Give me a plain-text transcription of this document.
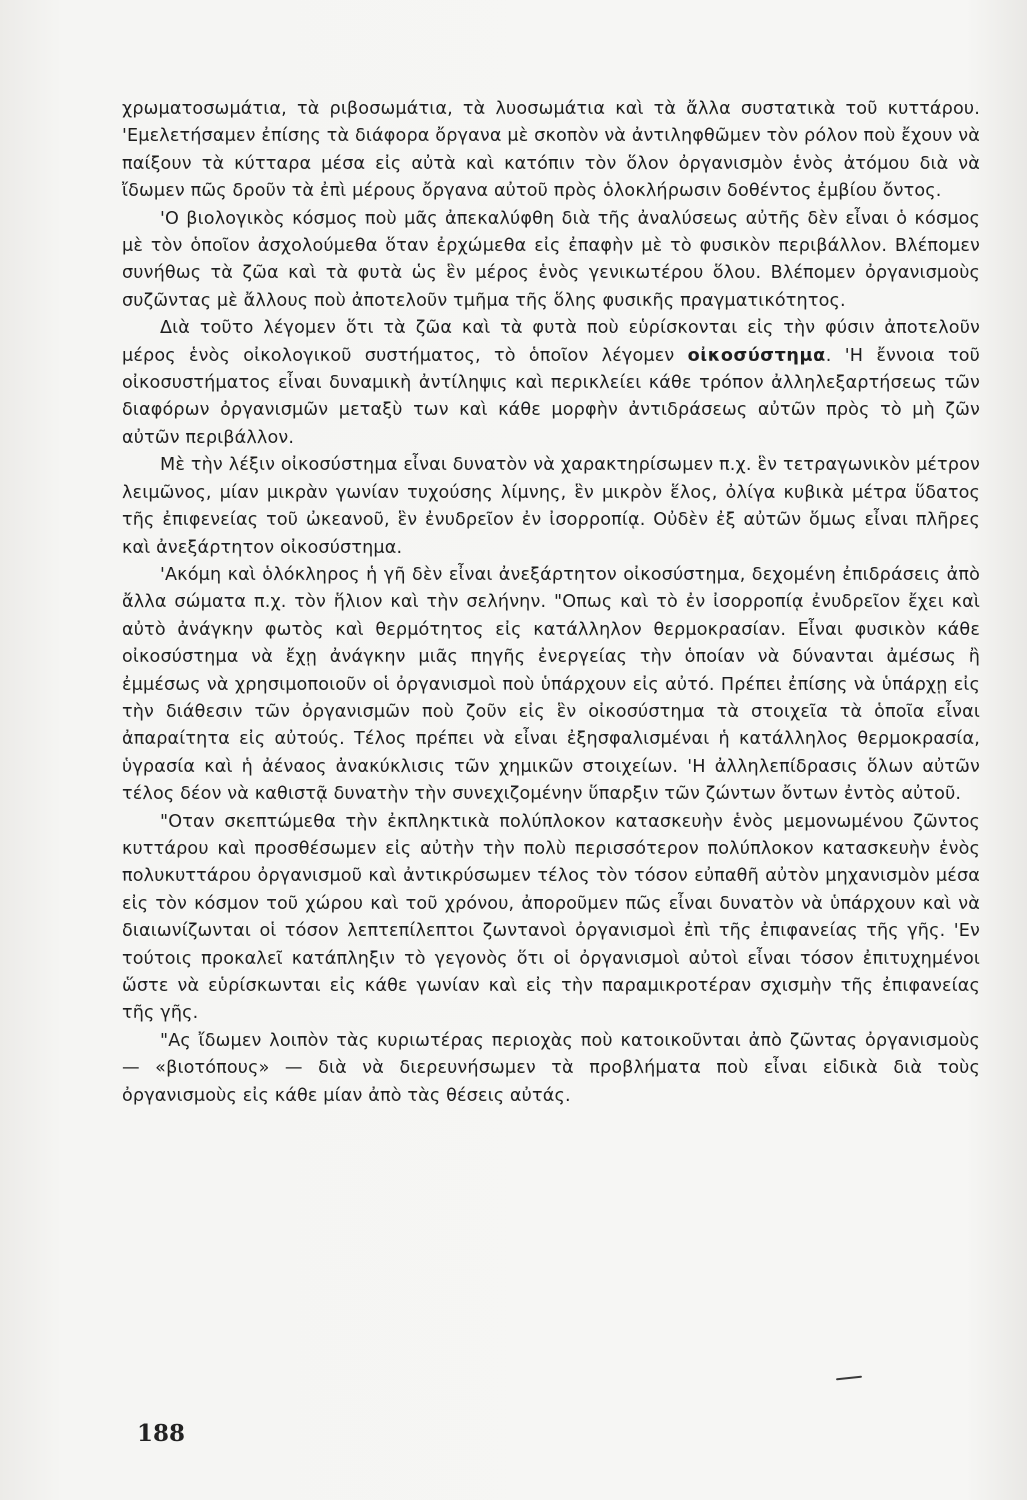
χρωματοσωμάτια, τὰ ριβοσωμάτια, τὰ λυοσωμάτια καὶ τὰ ἄλλα συστατικὰ τοῦ κυττάρου. 'Εμελετήσαμεν ἐπίσης τὰ διάφορα ὄργανα μὲ σκοπὸν νὰ ἀντιληφθῶμεν τὸν ρόλον ποὺ ἔχουν νὰ παίξουν τὰ κύτταρα μέσα εἰς αὐτὰ καὶ κατόπιν τὸν ὅλον ὀργανισμὸν ἑνὸς ἀτόμου διὰ νὰ ἴδωμεν πῶς δροῦν τὰ ἐπὶ μέρους ὄργανα αὐτοῦ πρὸς ὁλοκλήρωσιν δοθέντος ἐμβίου ὄντος.

'Ο βιολογικὸς κόσμος ποὺ μᾶς ἀπεκαλύφθη διὰ τῆς ἀναλύσεως αὐτῆς δὲν εἶναι ὁ κόσμος μὲ τὸν ὁποῖον ἀσχολούμεθα ὅταν ἐρχώμεθα εἰς ἐπαφὴν μὲ τὸ φυσικὸν περιβάλλον. Βλέπομεν συνήθως τὰ ζῶα καὶ τὰ φυτὰ ὡς ἓν μέρος ἑνὸς γενικωτέρου ὅλου. Βλέπομεν ὀργανισμοὺς συζῶντας μὲ ἄλλους ποὺ ἀποτελοῦν τμῆμα τῆς ὅλης φυσικῆς πραγματικότητος.

Διὰ τοῦτο λέγομεν ὅτι τὰ ζῶα καὶ τὰ φυτὰ ποὺ εὑρίσκονται εἰς τὴν φύσιν ἀποτελοῦν μέρος ἑνὸς οἰκολογικοῦ συστήματος, τὸ ὁποῖον λέγομεν οἰκοσύστημα. 'Η ἔννοια τοῦ οἰκοσυστήματος εἶναι δυναμικὴ ἀντίληψις καὶ περικλείει κάθε τρόπον ἀλληλεξαρτήσεως τῶν διαφόρων ὀργανισμῶν μεταξὺ των καὶ κάθε μορφὴν ἀντιδράσεως αὐτῶν πρὸς τὸ μὴ ζῶν αὐτῶν περιβάλλον.

Μὲ τὴν λέξιν οἰκοσύστημα εἶναι δυνατὸν νὰ χαρακτηρίσωμεν π.χ. ἓν τετραγωνικὸν μέτρον λειμῶνος, μίαν μικρὰν γωνίαν τυχούσης λίμνης, ἓν μικρὸν ἕλος, ὀλίγα κυβικὰ μέτρα ὕδατος τῆς ἐπιφενείας τοῦ ὠκεανοῦ, ἓν ἐνυδρεῖον ἐν ἰσορροπίᾳ. Οὐδὲν ἐξ αὐτῶν ὅμως εἶναι πλῆρες καὶ ἀνεξάρτητον οἰκοσύστημα.

'Ακόμη καὶ ὁλόκληρος ἡ γῆ δὲν εἶναι ἀνεξάρτητον οἰκοσύστημα, δεχομένη ἐπιδράσεις ἀπὸ ἄλλα σώματα π.χ. τὸν ἥλιον καὶ τὴν σελήνην. "Οπως καὶ τὸ ἐν ἰσορροπίᾳ ἐνυδρεῖον ἔχει καὶ αὐτὸ ἀνάγκην φωτὸς καὶ θερμότητος εἰς κατάλληλον θερμοκρασίαν. Εἶναι φυσικὸν κάθε οἰκοσύστημα νὰ ἔχῃ ἀνάγκην μιᾶς πηγῆς ἐνεργείας τὴν ὁποίαν νὰ δύνανται ἀμέσως ἢ ἐμμέσως νὰ χρησιμοποιοῦν οἱ ὀργανισμοὶ ποὺ ὑπάρχουν εἰς αὐτό. Πρέπει ἐπίσης νὰ ὑπάρχῃ εἰς τὴν διάθεσιν τῶν ὀργανισμῶν ποὺ ζοῦν εἰς ἓν οἰκοσύστημα τὰ στοιχεῖα τὰ ὁποῖα εἶναι ἀπαραίτητα εἰς αὐτούς. Τέλος πρέπει νὰ εἶναι ἐξησφαλισμέναι ἡ κατάλληλος θερμοκρασία, ὑγρασία καὶ ἡ ἀέναος ἀνακύκλισις τῶν χημικῶν στοιχείων. 'Η ἀλληλεπίδρασις ὅλων αὐτῶν τέλος δέον νὰ καθιστᾷ δυνατὴν τὴν συνεχιζομένην ὕπαρξιν τῶν ζώντων ὄντων ἐντὸς αὐτοῦ.

"Οταν σκεπτώμεθα τὴν ἐκπληκτικὰ πολύπλοκον κατασκευὴν ἑνὸς μεμονωμένου ζῶντος κυττάρου καὶ προσθέσωμεν εἰς αὐτὴν τὴν πολὺ περισσότερον πολύπλοκον κατασκευὴν ἑνὸς πολυκυττάρου ὀργανισμοῦ καὶ ἀντικρύσωμεν τέλος τὸν τόσον εὐπαθῆ αὐτὸν μηχανισμὸν μέσα εἰς τὸν κόσμον τοῦ χώρου καὶ τοῦ χρόνου, ἀποροῦμεν πῶς εἶναι δυνατὸν νὰ ὑπάρχουν καὶ νὰ διαιωνίζωνται οἱ τόσον λεπτεπίλεπτοι ζωντανοὶ ὀργανισμοὶ ἐπὶ τῆς ἐπιφανείας τῆς γῆς. 'Εν τούτοις προκαλεῖ κατάπληξιν τὸ γεγονὸς ὅτι οἱ ὀργανισμοὶ αὐτοὶ εἶναι τόσον ἐπιτυχημένοι ὥστε νὰ εὑρίσκωνται εἰς κάθε γωνίαν καὶ εἰς τὴν παραμικροτέραν σχισμὴν τῆς ἐπιφανείας τῆς γῆς.

"Ας ἴδωμεν λοιπὸν τὰς κυριωτέρας περιοχὰς ποὺ κατοικοῦνται ἀπὸ ζῶντας ὀργανισμοὺς — «βιοτόπους» — διὰ νὰ διερευνήσωμεν τὰ προβλήματα ποὺ εἶναι εἰδικὰ διὰ τοὺς ὀργανισμοὺς εἰς κάθε μίαν ἀπὸ τὰς θέσεις αὐτάς.

188
